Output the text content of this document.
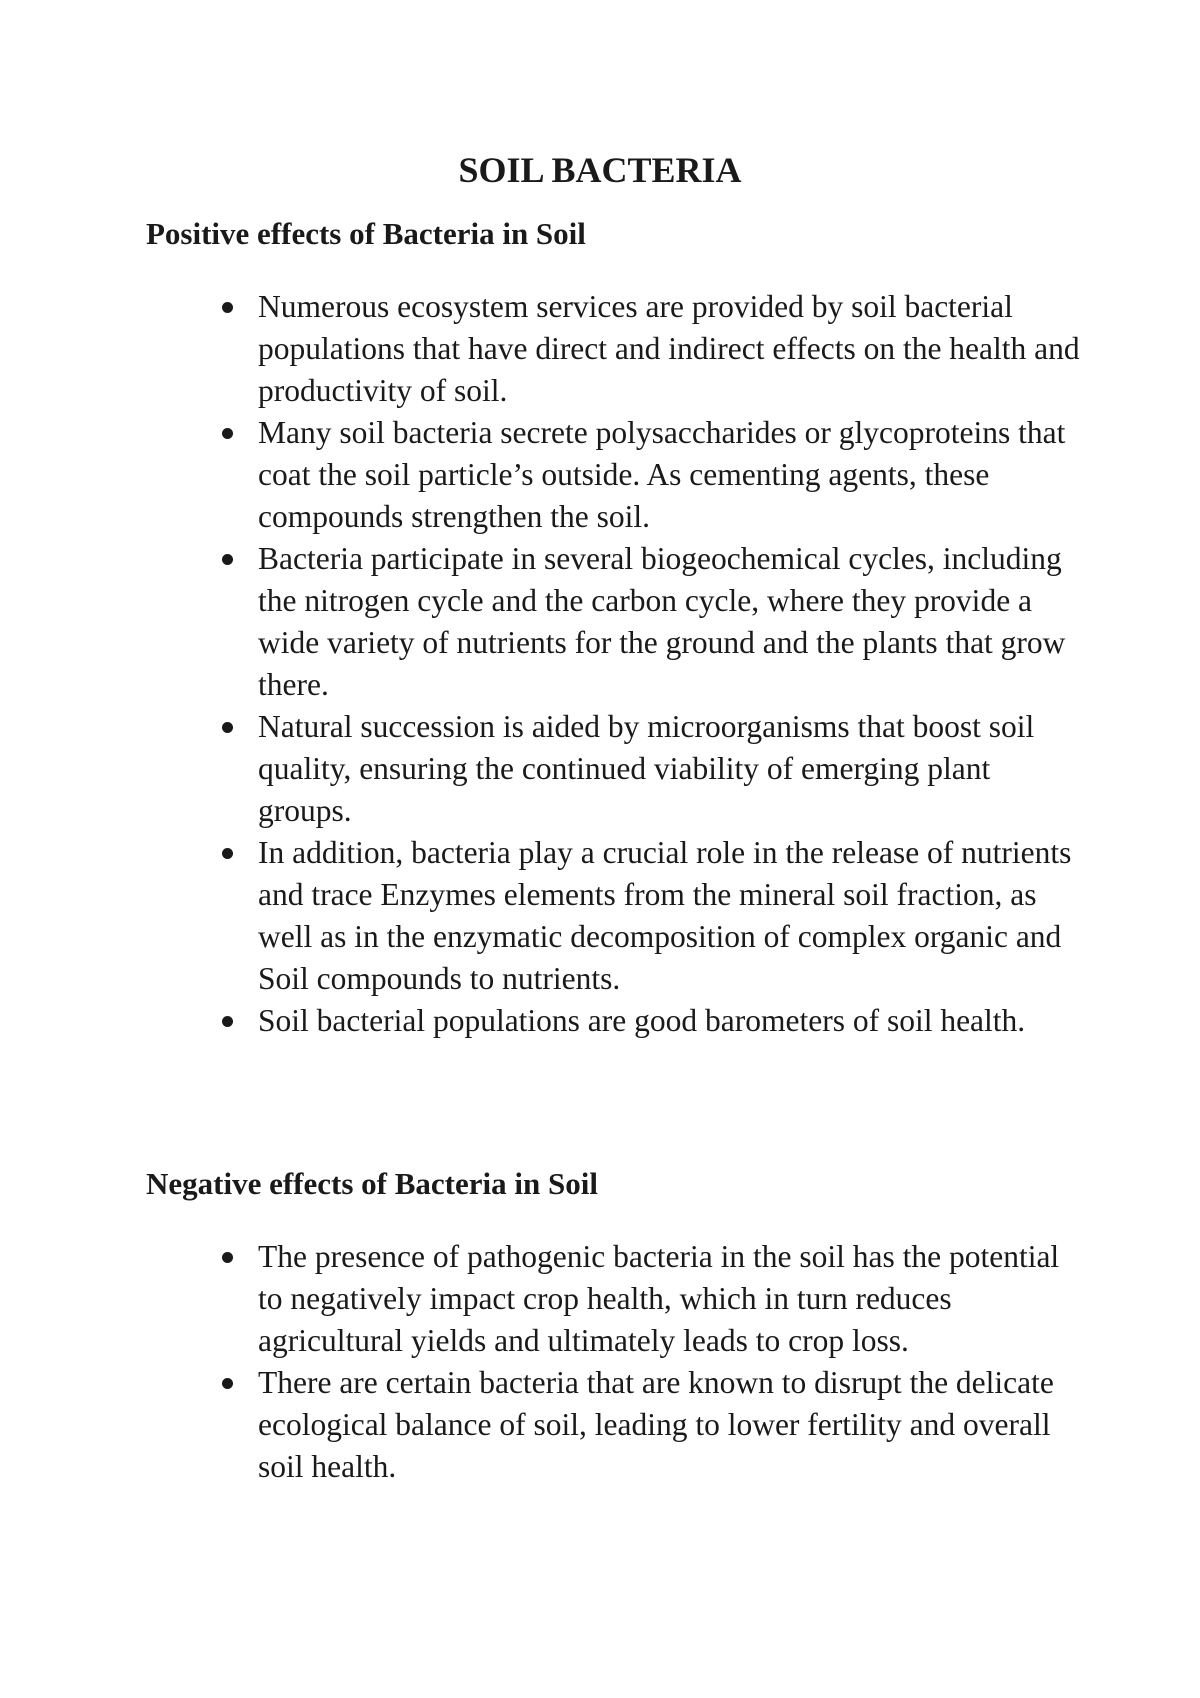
SOIL BACTERIA
Positive effects of Bacteria in Soil
Numerous ecosystem services are provided by soil bacterial populations that have direct and indirect effects on the health and productivity of soil.
Many soil bacteria secrete polysaccharides or glycoproteins that coat the soil particle’s outside. As cementing agents, these compounds strengthen the soil.
Bacteria participate in several biogeochemical cycles, including the nitrogen cycle and the carbon cycle, where they provide a wide variety of nutrients for the ground and the plants that grow there.
Natural succession is aided by microorganisms that boost soil quality, ensuring the continued viability of emerging plant groups.
In addition, bacteria play a crucial role in the release of nutrients and trace Enzymes elements from the mineral soil fraction, as well as in the enzymatic decomposition of complex organic and Soil compounds to nutrients.
Soil bacterial populations are good barometers of soil health.
Negative effects of Bacteria in Soil
The presence of pathogenic bacteria in the soil has the potential to negatively impact crop health, which in turn reduces agricultural yields and ultimately leads to crop loss.
There are certain bacteria that are known to disrupt the delicate ecological balance of soil, leading to lower fertility and overall soil health.
